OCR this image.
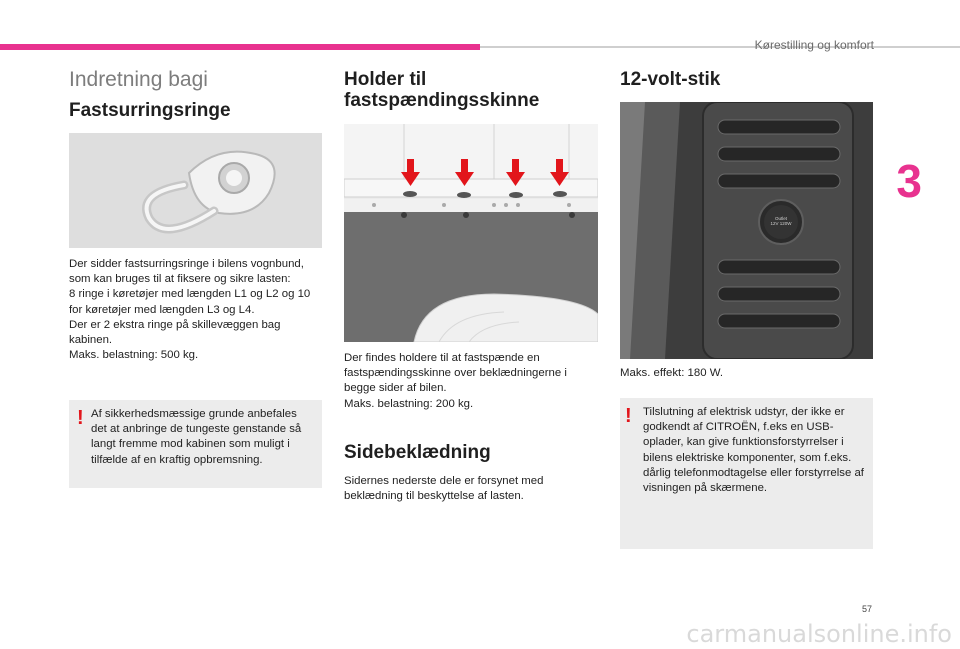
Kørestilling og komfort
3
Indretning bagi
Fastsurringsringe
Der sidder fastsurringsringe i bilens vognbund, som kan bruges til at fiksere og sikre lasten:
8 ringe i køretøjer med længden L1 og L2 og 10 for køretøjer med længden L3 og L4.
Der er 2 ekstra ringe på skillevæggen bag kabinen.
Maks. belastning: 500 kg.
! Af sikkerhedsmæssige grunde anbefales det at anbringe de tungeste genstande så langt fremme mod kabinen som muligt i tilfælde af en kraftig opbremsning.
Holder til fastspændingsskinne
Der findes holdere til at fastspænde en fastspændingsskinne over beklædningerne i begge sider af bilen.
Maks. belastning: 200 kg.
Sidebeklædning
Sidernes nederste dele er forsynet med beklædning til beskyttelse af lasten.
12-volt-stik
Outlet
12V 120W
Maks. effekt: 180 W.
! Tilslutning af elektrisk udstyr, der ikke er godkendt af CITROËN, f.eks en USB-oplader, kan give funktionsforstyrrelser i bilens elektriske komponenter, som f.eks. dårlig telefonmodtagelse eller forstyrrelse af visningen på skærmene.
57
carmanualsonline.info
